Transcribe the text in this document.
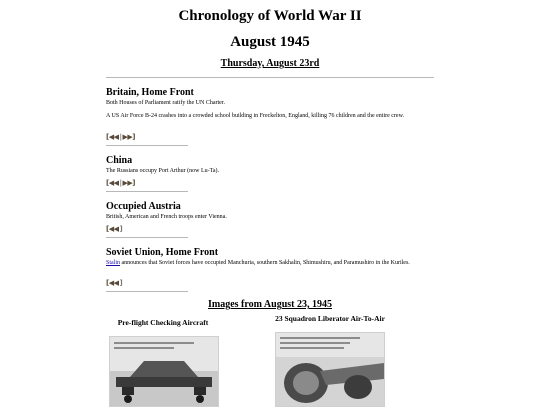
Chronology of World War II
August 1945
Thursday, August 23rd
Britain, Home Front

Both Houses of Parliament ratify the UN Charter.

A US Air Force B-24 crashes into a crowded school building in Freckelton, England, killing 76 children and the entire crew.

[◀◀|▶▶]
China

The Russians occupy Port Arthur (now Lu-Ta).

[◀◀|▶▶]
Occupied Austria

British, American and French troops enter Vienna.

[◀◀]
Soviet Union, Home Front

Stalin announces that Soviet forces have occupied Manchuria, southern Sakhalin, Shimushiru, and Paramushiro in the Kuriles.

[◀◀]
Images from August 23, 1945
Pre-flight Checking Aircraft	23 Squadron Liberator Air-To-Air
